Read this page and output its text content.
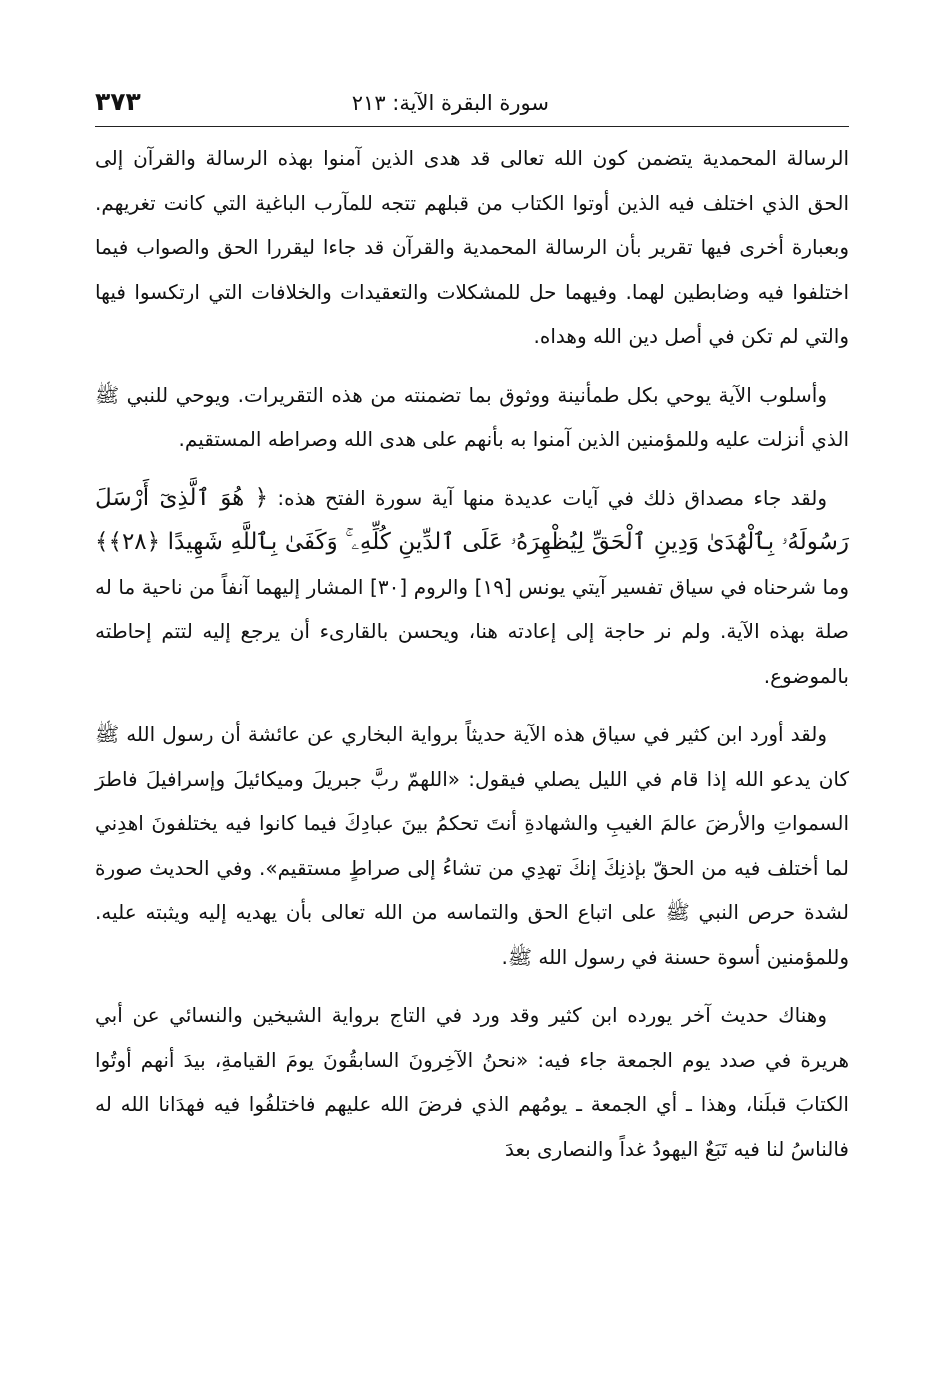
سورة البقرة الآية: ٢١٣
٣٧٣

الرسالة المحمدية يتضمن كون الله تعالى قد هدى الذين آمنوا بهذه الرسالة والقرآن إلى الحق الذي اختلف فيه الذين أوتوا الكتاب من قبلهم تتجه للمآرب الباغية التي كانت تغريهم. وبعبارة أخرى فيها تقرير بأن الرسالة المحمدية والقرآن قد جاءا ليقررا الحق والصواب فيما اختلفوا فيه وضابطين لهما. وفيهما حل للمشكلات والتعقيدات والخلافات التي ارتكسوا فيها والتي لم تكن في أصل دين الله وهداه.

وأسلوب الآية يوحي بكل طمأنينة ووثوق بما تضمنته من هذه التقريرات. ويوحي للنبي ﷺ الذي أنزلت عليه وللمؤمنين الذين آمنوا به بأنهم على هدى الله وصراطه المستقيم.

ولقد جاء مصداق ذلك في آيات عديدة منها آية سورة الفتح هذه: ﴿ هُوَ ٱلَّذِىٓ أَرْسَلَ رَسُولَهُۥ بِٱلْهُدَىٰ وَدِينِ ٱلْحَقِّ لِيُظْهِرَهُۥ عَلَى ٱلدِّينِ كُلِّهِۦ ۚ وَكَفَىٰ بِٱللَّهِ شَهِيدًا ﴿٢٨﴾﴾ وما شرحناه في سياق تفسير آيتي يونس [١٩] والروم [٣٠] المشار إليهما آنفاً من ناحية ما له صلة بهذه الآية. ولم نر حاجة إلى إعادته هنا، ويحسن بالقارىء أن يرجع إليه لتتم إحاطته بالموضوع.

ولقد أورد ابن كثير في سياق هذه الآية حديثاً برواية البخاري عن عائشة أن رسول الله ﷺ كان يدعو الله إذا قام في الليل يصلي فيقول: «اللهمّ ربَّ جبريلَ وميكائيلَ وإسرافيلَ فاطرَ السمواتِ والأرضَ عالمَ الغيبِ والشهادةِ أنتَ تحكمُ بينَ عبادِكَ فيما كانوا فيه يختلفونَ اهدِني لما أختلف فيه من الحقّ بإذنِكَ إنكَ تهدِي من تشاءُ إلى صراطٍ مستقيم». وفي الحديث صورة لشدة حرص النبي ﷺ على اتباع الحق والتماسه من الله تعالى بأن يهديه إليه ويثبته عليه. وللمؤمنين أسوة حسنة في رسول الله ﷺ.

وهناك حديث آخر يورده ابن كثير وقد ورد في التاج برواية الشيخين والنسائي عن أبي هريرة في صدد يوم الجمعة جاء فيه: «نحنُ الآخِرونَ السابقُونَ يومَ القيامةِ، بيدَ أنهم أوتُوا الكتابَ قبلَنا، وهذا ـ أي الجمعة ـ يومُهم الذي فرضَ الله عليهم فاختلفُوا فيه فهدَانا الله له فالناسُ لنا فيه تَبَعٌ اليهودُ غداً والنصارى بعدَ
